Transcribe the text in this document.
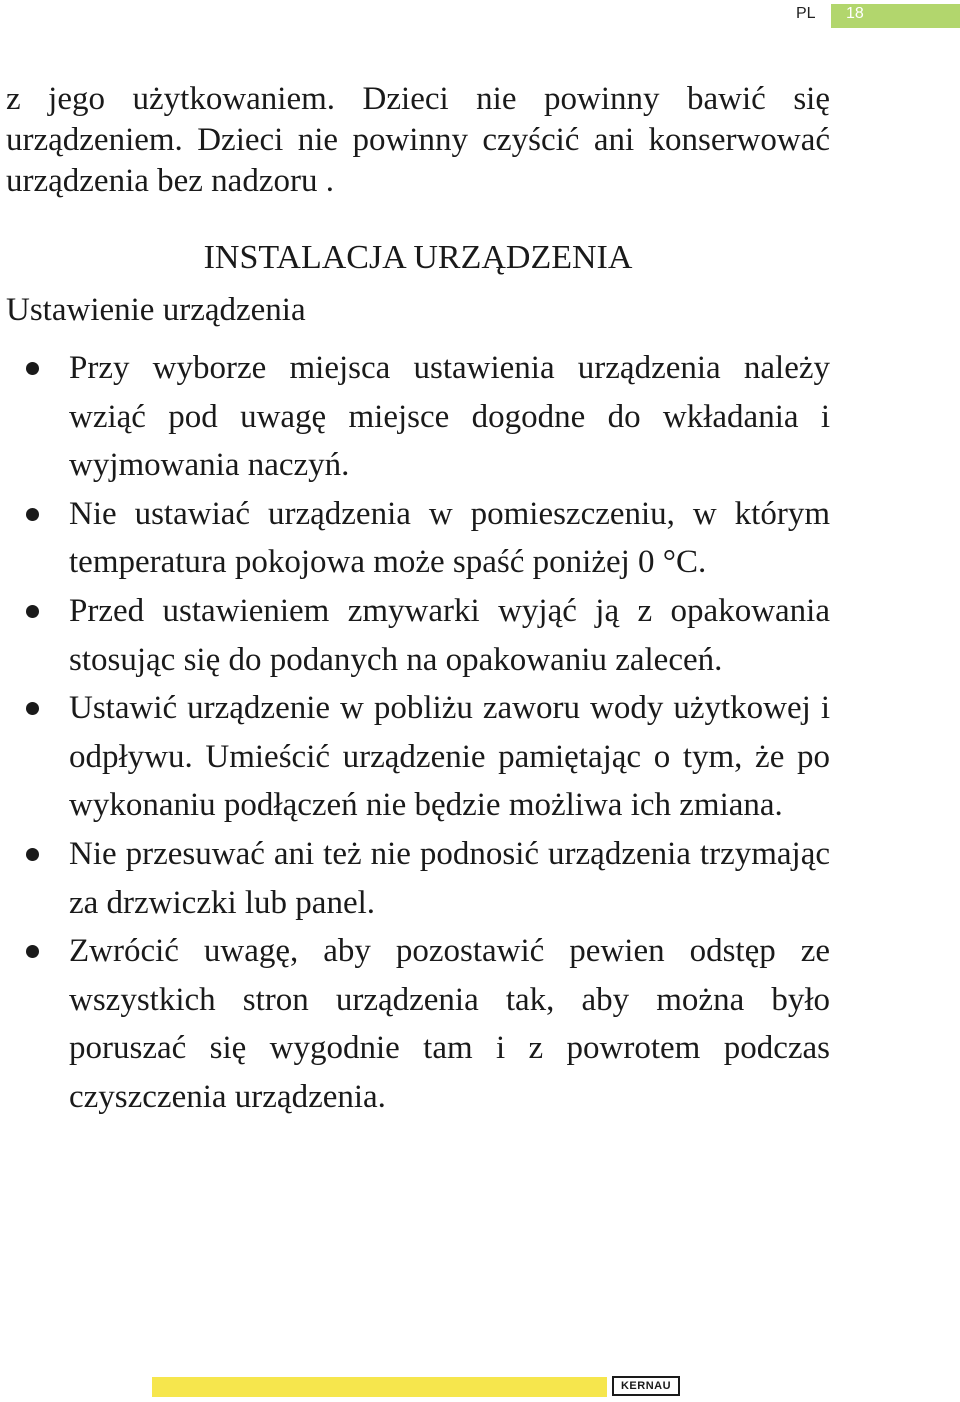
PL 18

z jego użytkowaniem. Dzieci nie powinny bawić się urządzeniem. Dzieci nie powinny czyścić ani konserwować urządzenia bez nadzoru .

INSTALACJA URZĄDZENIA
Ustawienie urządzenia
Przy wyborze miejsca ustawienia urządzenia należy wziąć pod uwagę miejsce dogodne do wkładania i wyjmowania naczyń.
Nie ustawiać urządzenia w pomieszczeniu, w którym temperatura pokojowa może spaść poniżej 0 °C.
Przed ustawieniem zmywarki wyjąć ją z opakowania stosując się do podanych na opakowaniu zaleceń.
Ustawić urządzenie w pobliżu zaworu wody użytkowej i odpływu. Umieścić urządzenie pamiętając o tym, że po wykonaniu podłączeń nie będzie możliwa ich zmiana.
Nie przesuwać ani też nie podnosić urządzenia trzymając za drzwiczki lub panel.
Zwrócić uwagę, aby pozostawić pewien odstęp ze wszystkich stron urządzenia tak, aby można było poruszać się wygodnie tam i z powrotem podczas czyszczenia urządzenia.
KERNAU
